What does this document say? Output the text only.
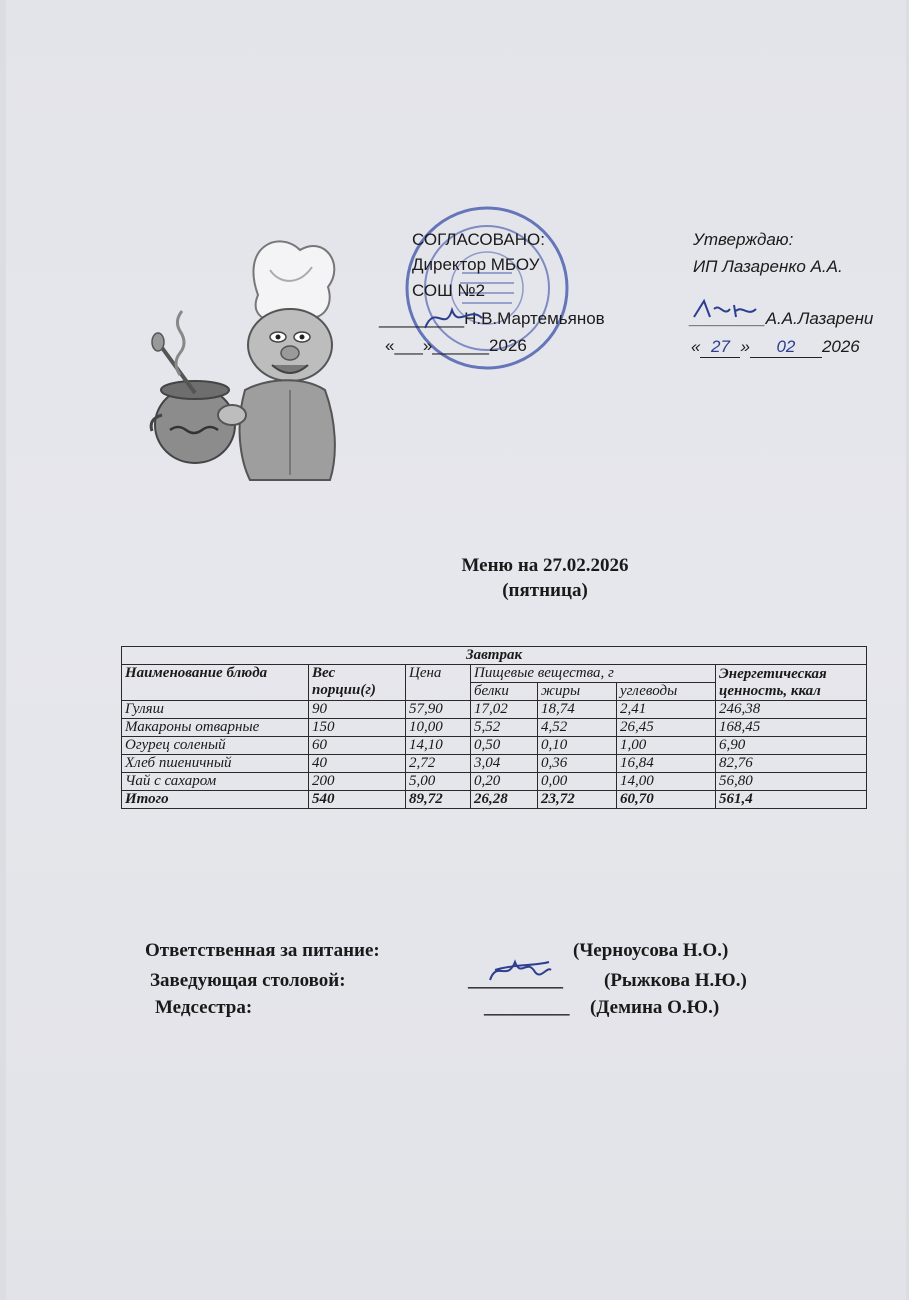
СОГЛАСОВАНО:
Директор МБОУ
СОШ №2
_________Н.В.Мартемьянов
«___»______2026
Утверждаю:
ИП Лазаренко А.А.
________А.А.Лазарени
« 27 » 02 2026
Меню на 27.02.2026
(пятница)
Завтрак						
Наименование блюда	Вес порции(г)	Цена	Пищевые вещества, г			Энергетическая ценность, ккал
			белки	жиры	углеводы	
Гуляш	90	57,90	17,02	18,74	2,41	246,38
Макароны отварные	150	10,00	5,52	4,52	26,45	168,45
Огурец соленый	60	14,10	0,50	0,10	1,00	6,90
Хлеб пшеничный	40	2,72	3,04	0,36	16,84	82,76
Чай с сахаром	200	5,00	0,20	0,00	14,00	56,80
Итого	540	89,72	26,28	23,72	60,70	561,4
Ответственная за питание:	(Черноусова Н.О.)
Заведующая столовой:	__________ (Рыжкова Н.Ю.)
Медсестра:	_________ (Демина О.Ю.)
